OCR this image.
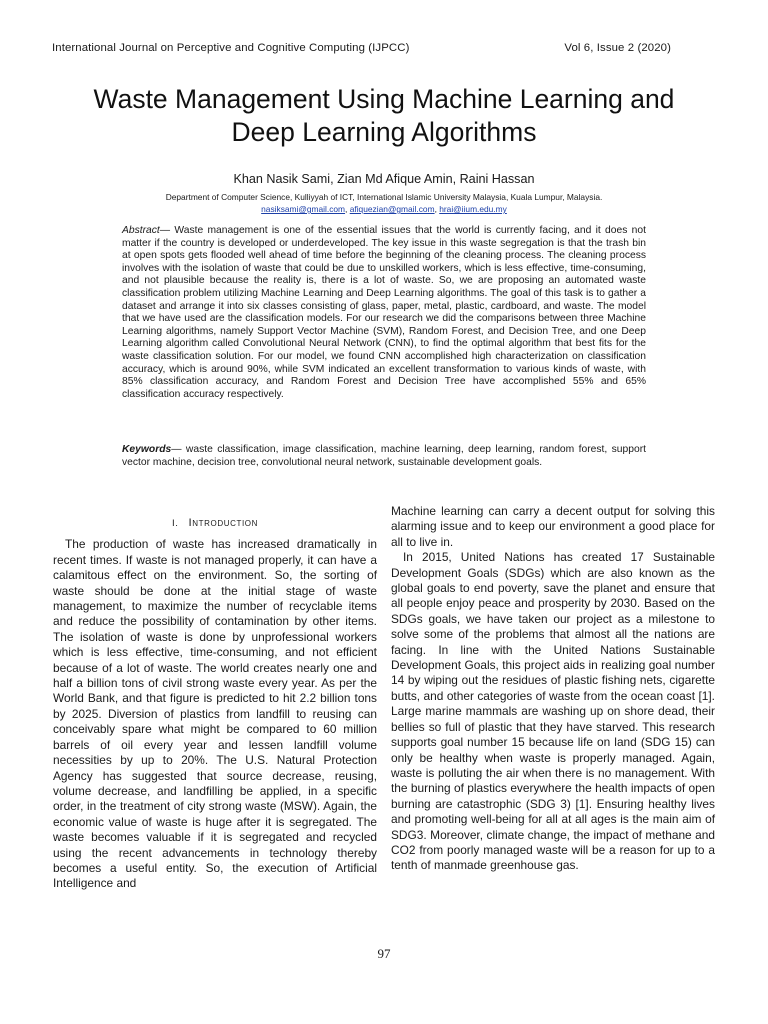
International Journal on Perceptive and Cognitive Computing (IJPCC)	Vol 6, Issue 2 (2020)
Waste Management Using Machine Learning and
Deep Learning Algorithms
Khan Nasik Sami, Zian Md Afique Amin, Raini Hassan
Department of Computer Science, Kulliyyah of ICT, International Islamic University Malaysia, Kuala Lumpur, Malaysia.
nasiksami@gmail.com, afiquezian@gmail.com, hrai@iium.edu.my

Abstract— Waste management is one of the essential issues that the world is currently facing, and it does not matter if the country is developed or underdeveloped. The key issue in this waste segregation is that the trash bin at open spots gets flooded well ahead of time before the beginning of the cleaning process. The cleaning process involves with the isolation of waste that could be due to unskilled workers, which is less effective, time-consuming, and not plausible because the reality is, there is a lot of waste. So, we are proposing an automated waste classification problem utilizing Machine Learning and Deep Learning algorithms. The goal of this task is to gather a dataset and arrange it into six classes consisting of glass, paper, metal, plastic, cardboard, and waste. The model that we have used are the classification models. For our research we did the comparisons between three Machine Learning algorithms, namely Support Vector Machine (SVM), Random Forest, and Decision Tree, and one Deep Learning algorithm called Convolutional Neural Network (CNN), to find the optimal algorithm that best fits for the waste classification solution. For our model, we found CNN accomplished high characterization on classification accuracy, which is around 90%, while SVM indicated an excellent transformation to various kinds of waste, with 85% classification accuracy, and Random Forest and Decision Tree have accomplished 55% and 65% classification accuracy respectively.

Keywords— waste classification, image classification, machine learning, deep learning, random forest, support vector machine, decision tree, convolutional neural network, sustainable development goals.

I. Introduction

The production of waste has increased dramatically in recent times. If waste is not managed properly, it can have a calamitous effect on the environment. So, the sorting of waste should be done at the initial stage of waste management, to maximize the number of recyclable items and reduce the possibility of contamination by other items. The isolation of waste is done by unprofessional workers which is less effective, time-consuming, and not efficient because of a lot of waste. The world creates nearly one and half a billion tons of civil strong waste every year. As per the World Bank, and that figure is predicted to hit 2.2 billion tons by 2025. Diversion of plastics from landfill to reusing can conceivably spare what might be compared to 60 million barrels of oil every year and lessen landfill volume necessities by up to 20%. The U.S. Natural Protection Agency has suggested that source decrease, reusing, volume decrease, and landfilling be applied, in a specific order, in the treatment of city strong waste (MSW). Again, the economic value of waste is huge after it is segregated. The waste becomes valuable if it is segregated and recycled using the recent advancements in technology thereby becomes a useful entity. So, the execution of Artificial Intelligence and

Machine learning can carry a decent output for solving this alarming issue and to keep our environment a good place for all to live in.

In 2015, United Nations has created 17 Sustainable Development Goals (SDGs) which are also known as the global goals to end poverty, save the planet and ensure that all people enjoy peace and prosperity by 2030. Based on the SDGs goals, we have taken our project as a milestone to solve some of the problems that almost all the nations are facing. In line with the United Nations Sustainable Development Goals, this project aids in realizing goal number 14 by wiping out the residues of plastic fishing nets, cigarette butts, and other categories of waste from the ocean coast [1]. Large marine mammals are washing up on shore dead, their bellies so full of plastic that they have starved. This research supports goal number 15 because life on land (SDG 15) can only be healthy when waste is properly managed. Again, waste is polluting the air when there is no management. With the burning of plastics everywhere the health impacts of open burning are catastrophic (SDG 3) [1]. Ensuring healthy lives and promoting well-being for all at all ages is the main aim of SDG3. Moreover, climate change, the impact of methane and CO2 from poorly managed waste will be a reason for up to a tenth of manmade greenhouse gas.

97
